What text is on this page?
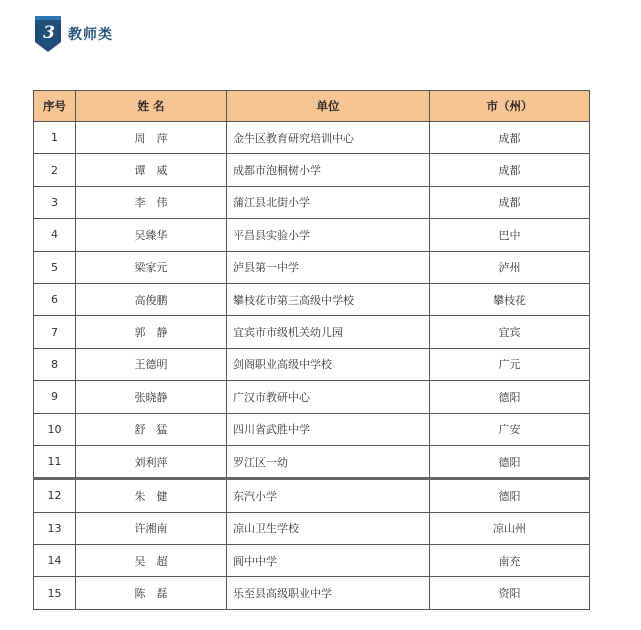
3 教师类
序号	姓 名	单位	市（州）
1	周　萍	金牛区教育研究培训中心	成都
2	谭　威	成都市泡桐树小学	成都
3	李　伟	蒲江县北街小学	成都
4	吴臻华	平昌县实验小学	巴中
5	梁家元	泸县第一中学	泸州
6	高俊鹏	攀枝花市第三高级中学校	攀枝花
7	郭　静	宜宾市市级机关幼儿园	宜宾
8	王德明	剑阁职业高级中学校	广元
9	张晓静	广汉市教研中心	德阳
10	舒　猛	四川省武胜中学	广安
11	刘利萍	罗江区一幼	德阳
12	朱　健	东汽小学	德阳
13	许湘南	凉山卫生学校	凉山州
14	吴　超	阆中中学	南充
15	陈　磊	乐至县高级职业中学	资阳
